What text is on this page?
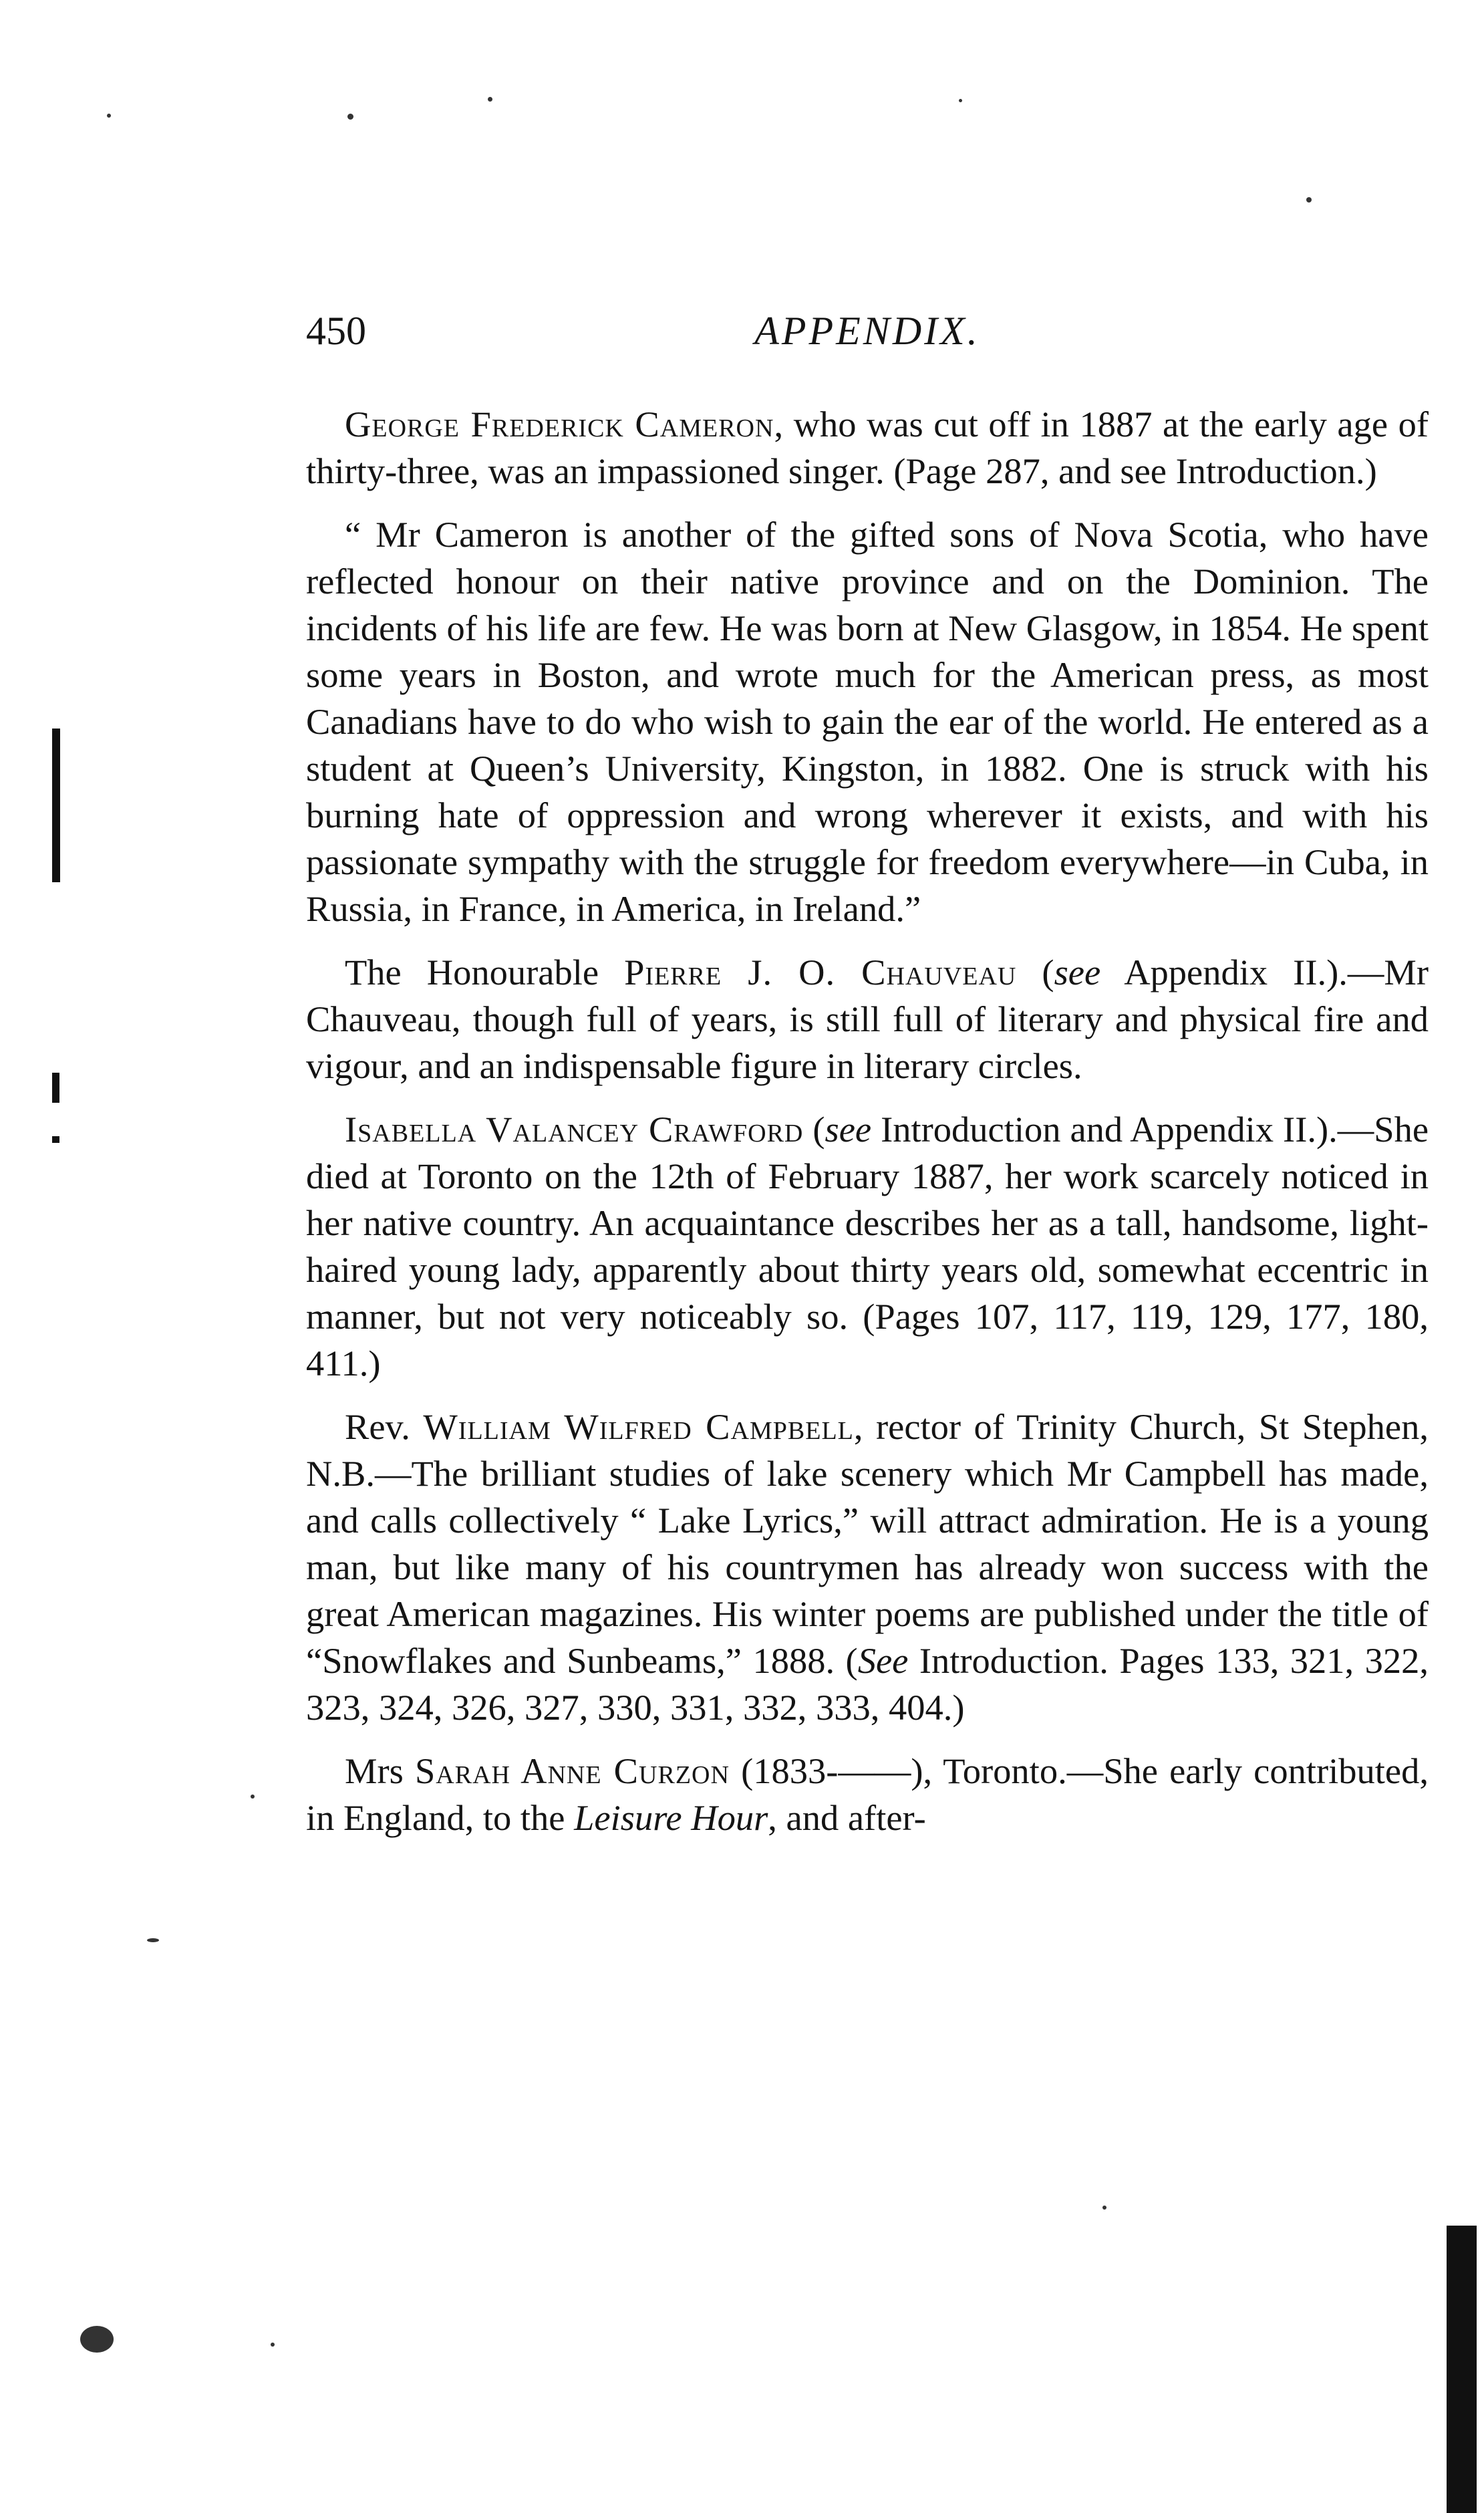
450	APPENDIX.

George Frederick Cameron, who was cut off in 1887 at the early age of thirty-three, was an impassioned singer. (Page 287, and see Introduction.)

“ Mr Cameron is another of the gifted sons of Nova Scotia, who have reflected honour on their native province and on the Dominion. The incidents of his life are few. He was born at New Glasgow, in 1854. He spent some years in Boston, and wrote much for the American press, as most Canadians have to do who wish to gain the ear of the world. He entered as a student at Queen’s University, Kingston, in 1882. One is struck with his burning hate of oppression and wrong wherever it exists, and with his passionate sympathy with the struggle for freedom everywhere—in Cuba, in Russia, in France, in America, in Ireland.”

The Honourable Pierre J. O. Chauveau (see Appendix II.).—Mr Chauveau, though full of years, is still full of literary and physical fire and vigour, and an indispensable figure in literary circles.

Isabella Valancey Crawford (see Introduction and Appendix II.).—She died at Toronto on the 12th of February 1887, her work scarcely noticed in her native country. An acquaintance describes her as a tall, handsome, light-haired young lady, apparently about thirty years old, somewhat eccentric in manner, but not very noticeably so. (Pages 107, 117, 119, 129, 177, 180, 411.)

Rev. William Wilfred Campbell, rector of Trinity Church, St Stephen, N.B.—The brilliant studies of lake scenery which Mr Campbell has made, and calls collectively “ Lake Lyrics,” will attract admiration. He is a young man, but like many of his countrymen has already won success with the great American magazines. His winter poems are published under the title of “Snowflakes and Sunbeams,” 1888. (See Introduction. Pages 133, 321, 322, 323, 324, 326, 327, 330, 331, 332, 333, 404.)

Mrs Sarah Anne Curzon (1833-——), Toronto.—She early contributed, in England, to the Leisure Hour, and after-
